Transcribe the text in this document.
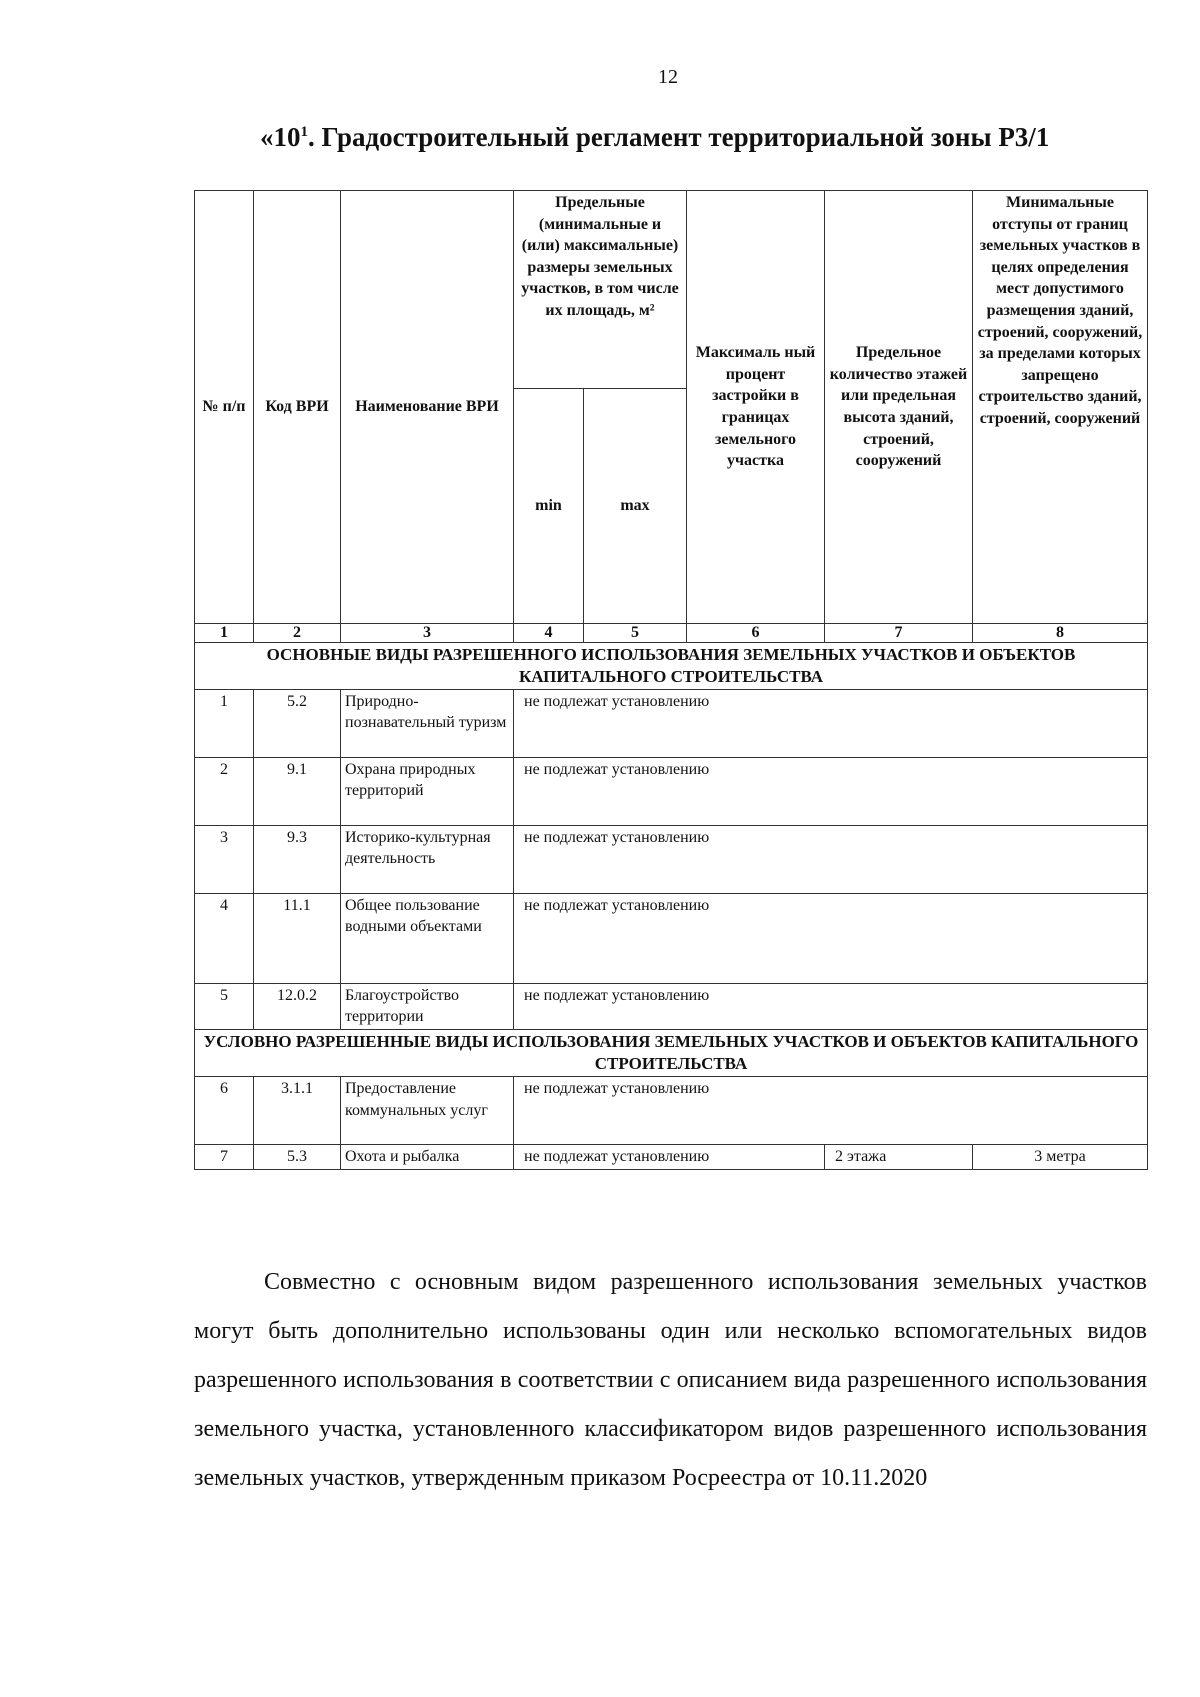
12
«$10^1$. Градостроительный регламент территориальной зоны Р3/1
№ п/п	Код ВРИ	Наименование ВРИ	Предельные (минимальные и (или) максимальные) размеры земельных участков, в том числе их площадь, м²		Максималь ный процент застройки в границах земельного участка	Предельное количество этажей или предельная высота зданий, строений, сооружений	Минимальные отступы от границ земельных участков в целях определения мест допустимого размещения зданий, строений, сооружений, за пределами которых запрещено строительство зданий, строений, сооружений
			min	max			
1	2	3	4	5	6	7	8
ОСНОВНЫЕ ВИДЫ РАЗРЕШЕННОГО ИСПОЛЬЗОВАНИЯ ЗЕМЕЛЬНЫХ УЧАСТКОВ И ОБЪЕКТОВ КАПИТАЛЬНОГО СТРОИТЕЛЬСТВА							
1	5.2	Природно-познавательный туризм	не подлежат установлению				
2	9.1	Охрана природных территорий	не подлежат установлению				
3	9.3	Историко-культурная деятельность	не подлежат установлению				
4	11.1	Общее пользование водными объектами	не подлежат установлению				
5	12.0.2	Благоустройство территории	не подлежат установлению				
УСЛОВНО РАЗРЕШЕННЫЕ ВИДЫ ИСПОЛЬЗОВАНИЯ ЗЕМЕЛЬНЫХ УЧАСТКОВ И ОБЪЕКТОВ КАПИТАЛЬНОГО СТРОИТЕЛЬСТВА							
6	3.1.1	Предоставление коммунальных услуг	не подлежат установлению				
7	5.3	Охота и рыбалка	не подлежат установлению			2 этажа	3 метра

Совместно с основным видом разрешенного использования земельных участков могут быть дополнительно использованы один или несколько вспомогательных видов разрешенного использования в соответствии с описанием вида разрешенного использования земельного участка, установленного классификатором видов разрешенного использования земельных участков, утвержденным приказом Росреестра от 10.11.2020
